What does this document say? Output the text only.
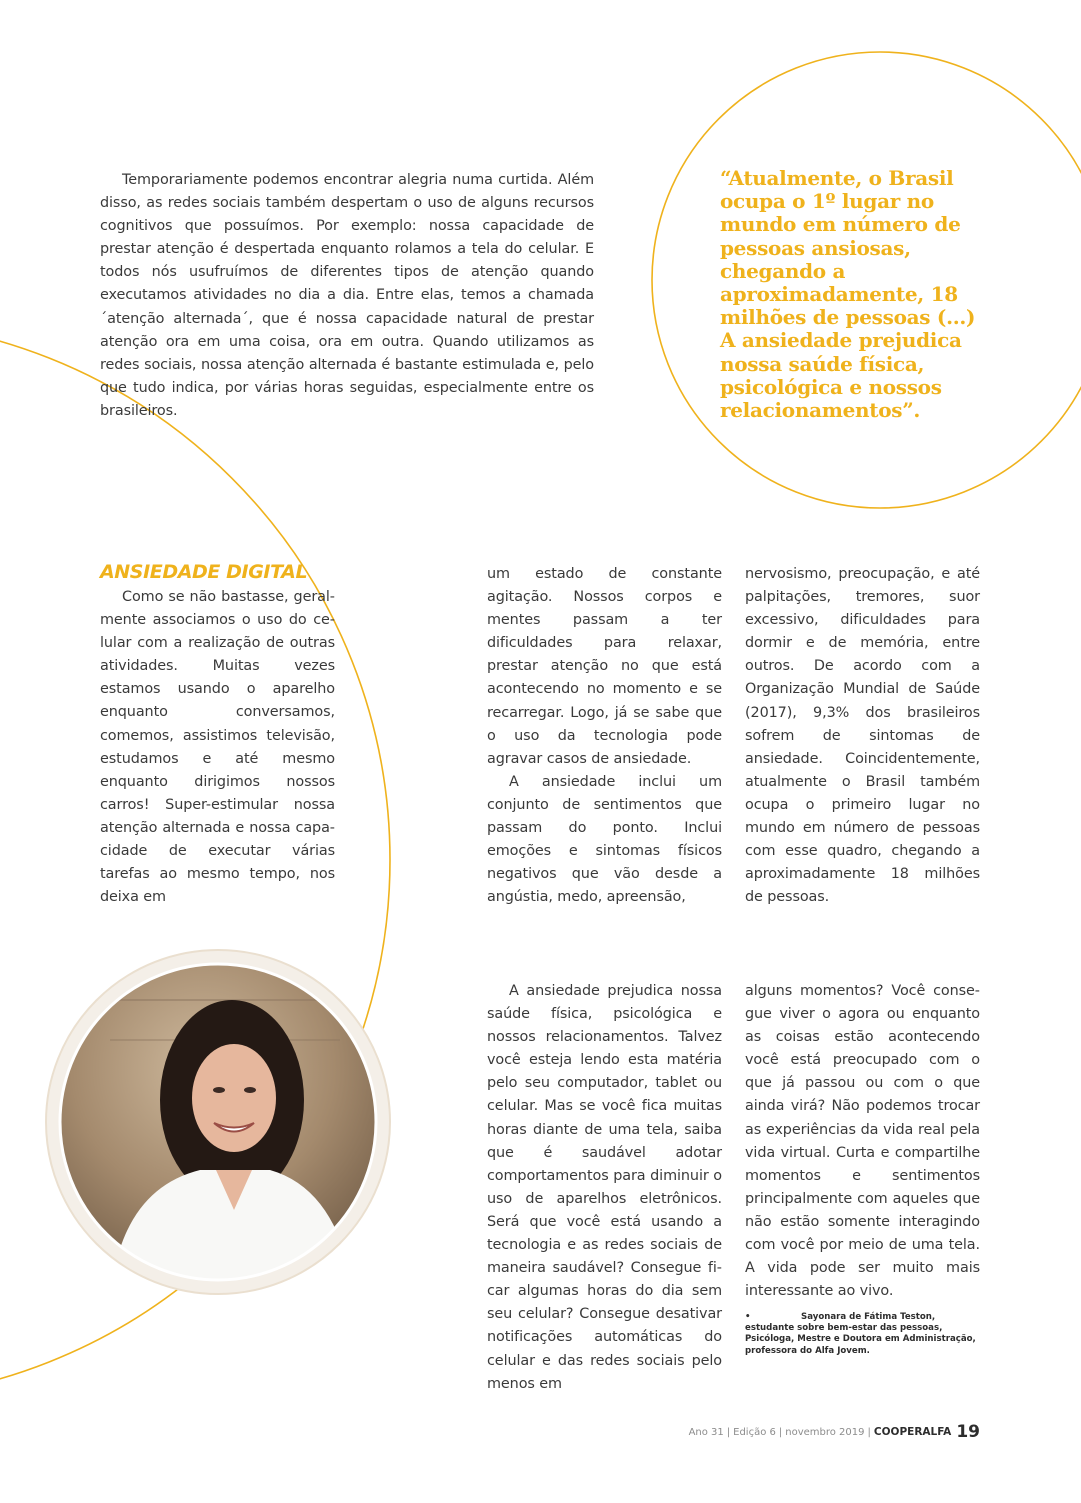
Temporariamente podemos encontrar alegria numa curtida. Além disso, as redes sociais também despertam o uso de alguns recursos cognitivos que possuímos. Por exemplo: nossa capacidade de prestar atenção é despertada enquanto rolamos a tela do celular. E todos nós usufruímos de diferentes tipos de atenção quando executamos atividades no dia a dia. Entre elas, temos a chamada ´atenção alternada´, que é nossa capacidade natural de prestar atenção ora em uma coisa, ora em outra. Quando utilizamos as redes sociais, nossa atenção alternada é bastante estimulada e, pelo que tudo indica, por várias horas seguidas, especialmente entre os brasileiros.

“Atualmente, o Brasil ocupa o 1º lugar no mundo em número de pessoas ansiosas, chegando a aproximadamente, 18 milhões de pessoas (...) A ansiedade prejudica nossa saúde física, psicológica e nossos relacionamentos”.

ANSIEDADE DIGITAL

Como se não bastasse, geralmente associamos o uso do celular com a realização de outras atividades. Muitas vezes estamos usando o aparelho enquanto conversamos, comemos, assistimos televisão, estudamos e até mesmo enquanto dirigimos nossos carros! Super-estimular nossa atenção alternada e nossa capacidade de executar várias tarefas ao mesmo tempo, nos deixa em

um estado de constante agitação. Nossos corpos e mentes passam a ter dificuldades para relaxar, prestar atenção no que está acontecendo no momento e se recarregar. Logo, já se sabe que o uso da tecnologia pode agravar casos de ansiedade.

A ansiedade inclui um conjunto de sentimentos que passam do ponto. Inclui emoções e sintomas físicos negativos que vão desde a angústia, medo, apreensão,

nervosismo, preocupação, e até palpitações, tremores, suor excessivo, dificuldades para dormir e de memória, entre outros. De acordo com a Organização Mundial de Saúde (2017), 9,3% dos brasileiros sofrem de sintomas de ansiedade. Coincidentemente, atualmente o Brasil também ocupa o primeiro lugar no mundo em número de pessoas com esse quadro, chegando a aproximadamente 18 milhões de pessoas.

A ansiedade prejudica nossa saúde física, psicológica e nossos relacionamentos. Talvez você esteja lendo esta matéria pelo seu computador, tablet ou celular. Mas se você fica muitas horas diante de uma tela, saiba que é saudável adotar comportamentos para diminuir o uso de aparelhos eletrônicos. Será que você está usando a tecnologia e as redes sociais de maneira saudável? Consegue ficar algumas horas do dia sem seu celular? Consegue desativar notificações automáticas do celular e das redes sociais pelo menos em

alguns momentos? Você consegue viver o agora ou enquanto as coisas estão acontecendo você está preocupado com o que já passou ou com o que ainda virá? Não podemos trocar as experiências da vida real pela vida virtual. Curta e compartilhe momentos e sentimentos principalmente com aqueles que não estão somente interagindo com você por meio de uma tela. A vida pode ser muito mais interessante ao vivo.

•	Sayonara de Fátima Teston, estudante sobre bem-estar das pessoas, Psicóloga, Mestre e Doutora em Administração, professora do Alfa Jovem.

Ano 31 | Edição 6 | novembro 2019 | COOPERALFA 19
